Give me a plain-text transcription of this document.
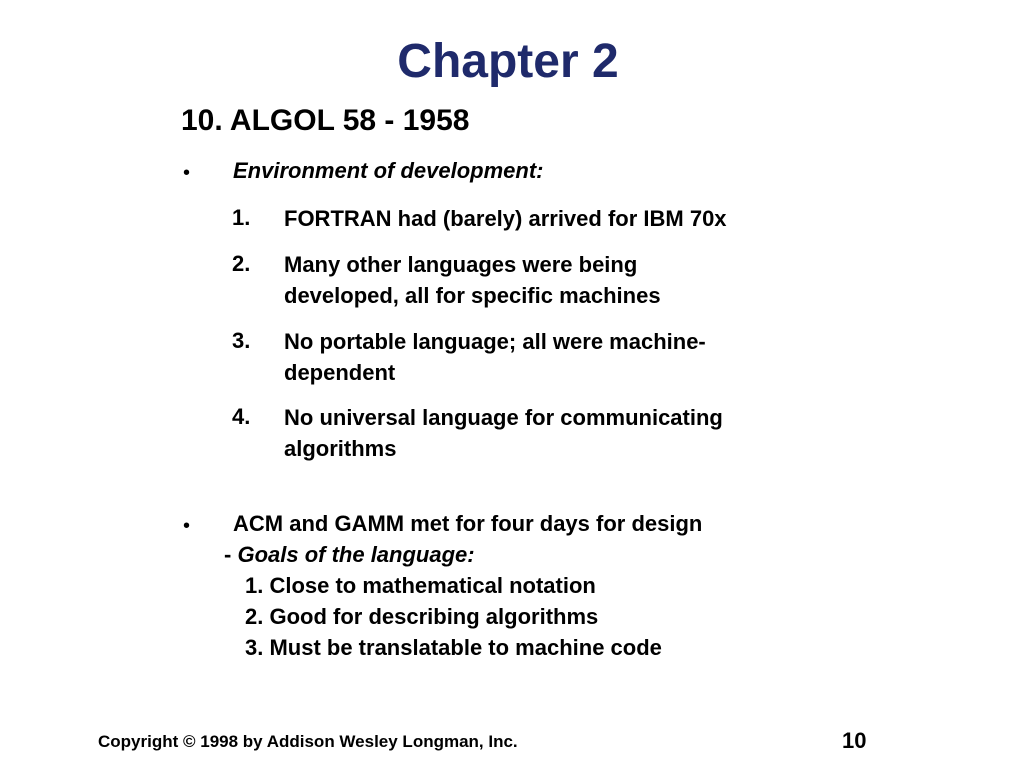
Chapter 2
10. ALGOL 58 - 1958
• Environment of development:
1. FORTRAN had (barely) arrived for IBM 70x
2. Many other languages were being
developed, all for specific machines
3. No portable language; all were machine-
dependent
4. No universal language for communicating
algorithms
• ACM and GAMM met for four days for design
- Goals of the language:
1. Close to mathematical notation
2. Good for describing algorithms
3. Must be translatable to machine code
Copyright © 1998 by Addison Wesley Longman, Inc.	10
